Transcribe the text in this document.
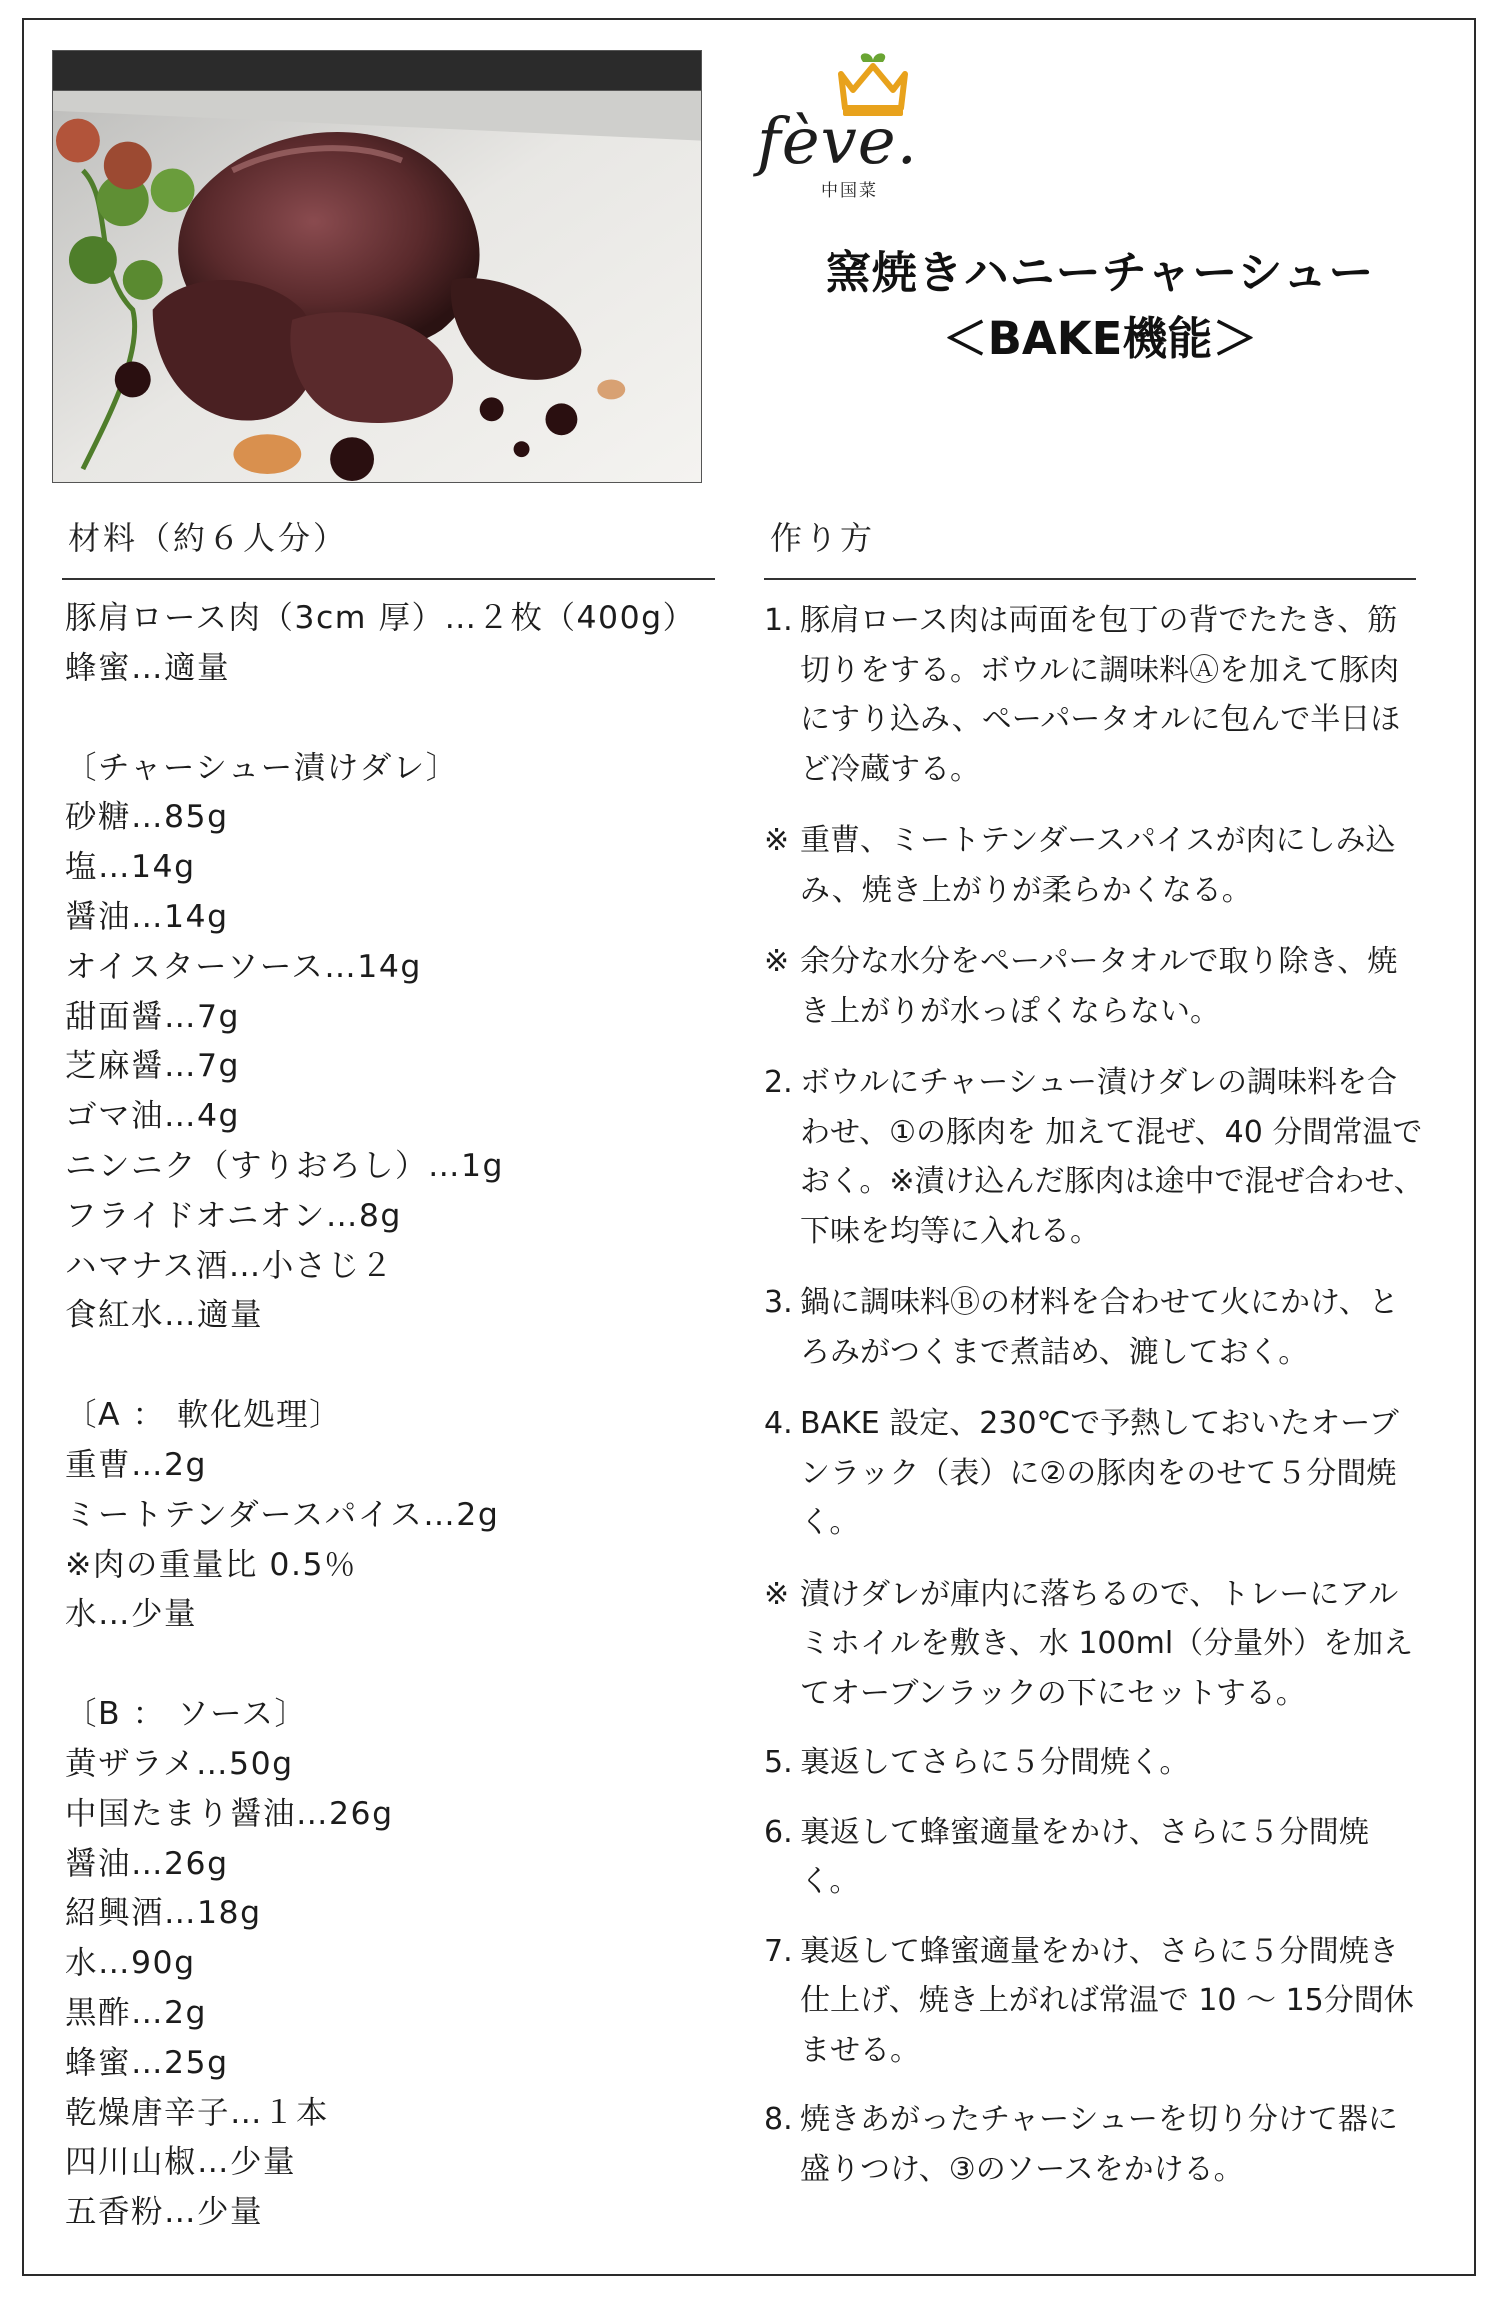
fève.
中国菜
窯焼きハニーチャーシュー
＜BAKE機能＞
材料（約６人分）	作り方
豚肩ロース肉（3cm 厚）…２枚（400g）
蜂蜜…適量
〔チャーシュー漬けダレ〕
砂糖…85g
塩…14g
醤油…14g
オイスターソース…14g
甜面醤…7g
芝麻醤…7g
ゴマ油…4g
ニンニク（すりおろし）…1g
フライドオニオン…8g
ハマナス酒…小さじ２
食紅水…適量
〔A ： 軟化処理〕
重曹…2g
ミートテンダースパイス…2g
※肉の重量比 0.5％
水…少量
〔B ： ソース〕
黄ザラメ…50g
中国たまり醤油…26g
醤油…26g
紹興酒…18g
水…90g
黒酢…2g
蜂蜜…25g
乾燥唐辛子…１本
四川山椒…少量
五香粉…少量
1. 豚肩ロース肉は両面を包丁の背でたたき、筋切りをする。ボウルに調味料Ⓐを加えて豚肉にすり込み、ペーパータオルに包んで半日ほど冷蔵する。
※ 重曹、ミートテンダースパイスが肉にしみ込み、焼き上がりが柔らかくなる。
※ 余分な水分をペーパータオルで取り除き、焼き上がりが水っぽくならない。
2. ボウルにチャーシュー漬けダレの調味料を合わせ、①の豚肉を 加えて混ぜ、40 分間常温でおく。※漬け込んだ豚肉は途中で混ぜ合わせ、下味を均等に入れる。
3. 鍋に調味料Ⓑの材料を合わせて火にかけ、とろみがつくまで煮詰め、漉しておく。
4. BAKE 設定、230℃で予熱しておいたオーブンラック（表）に②の豚肉をのせて５分間焼く。
※ 漬けダレが庫内に落ちるので、トレーにアルミホイルを敷き、水 100ml（分量外）を加えてオーブンラックの下にセットする。
5. 裏返してさらに５分間焼く。
6. 裏返して蜂蜜適量をかけ、さらに５分間焼く。
7. 裏返して蜂蜜適量をかけ、さらに５分間焼き仕上げ、焼き上がれば常温で 10 ～ 15分間休ませる。
8. 焼きあがったチャーシューを切り分けて器に盛りつけ、③のソースをかける。
